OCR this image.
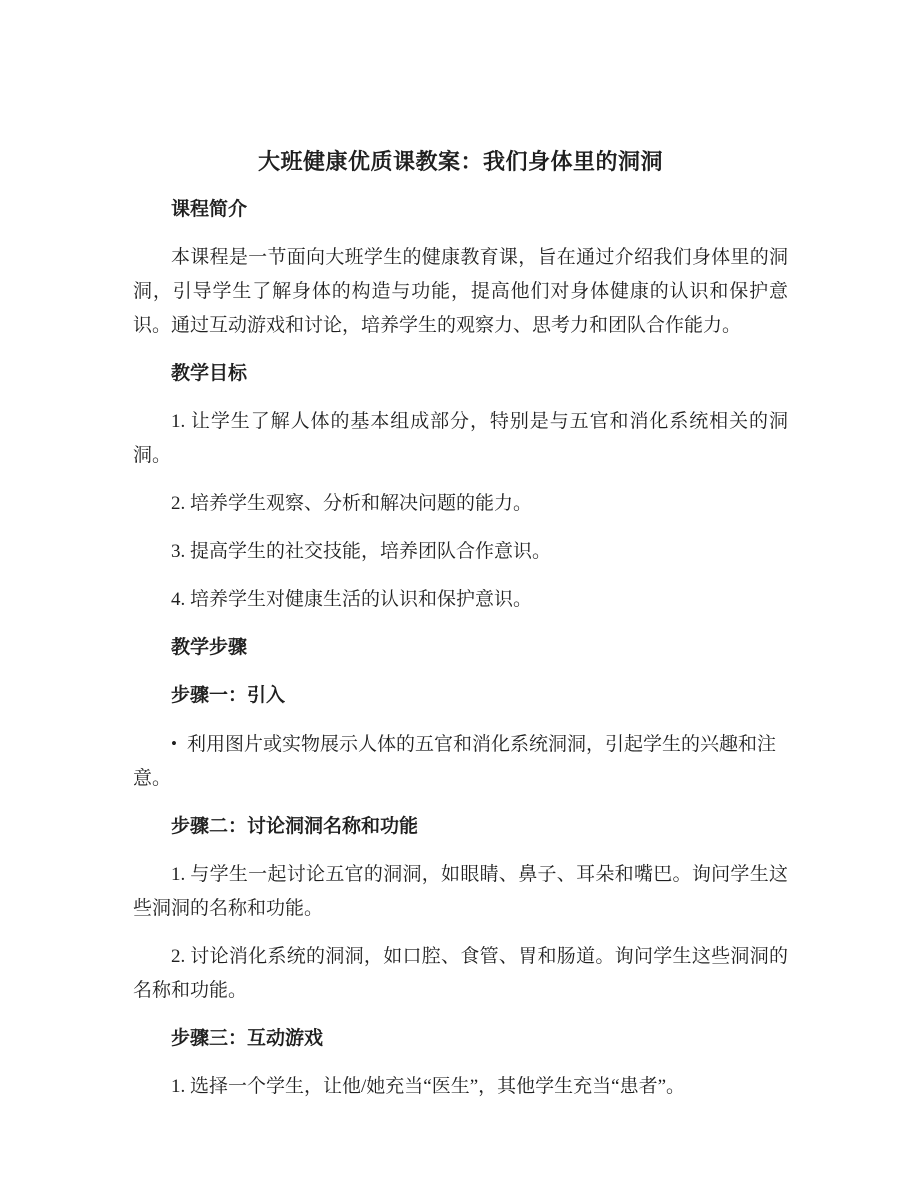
大班健康优质课教案：我们身体里的洞洞
课程简介

本课程是一节面向大班学生的健康教育课，旨在通过介绍我们身体里的洞洞，引导学生了解身体的构造与功能，提高他们对身体健康的认识和保护意识。通过互动游戏和讨论，培养学生的观察力、思考力和团队合作能力。

教学目标

1. 让学生了解人体的基本组成部分，特别是与五官和消化系统相关的洞洞。

2. 培养学生观察、分析和解决问题的能力。

3. 提高学生的社交技能，培养团队合作意识。

4. 培养学生对健康生活的认识和保护意识。

教学步骤
步骤一：引入

• 利用图片或实物展示人体的五官和消化系统洞洞，引起学生的兴趣和注意。

步骤二：讨论洞洞名称和功能

1. 与学生一起讨论五官的洞洞，如眼睛、鼻子、耳朵和嘴巴。询问学生这些洞洞的名称和功能。

2. 讨论消化系统的洞洞，如口腔、食管、胃和肠道。询问学生这些洞洞的名称和功能。

步骤三：互动游戏

1. 选择一个学生，让他/她充当“医生”，其他学生充当“患者”。
